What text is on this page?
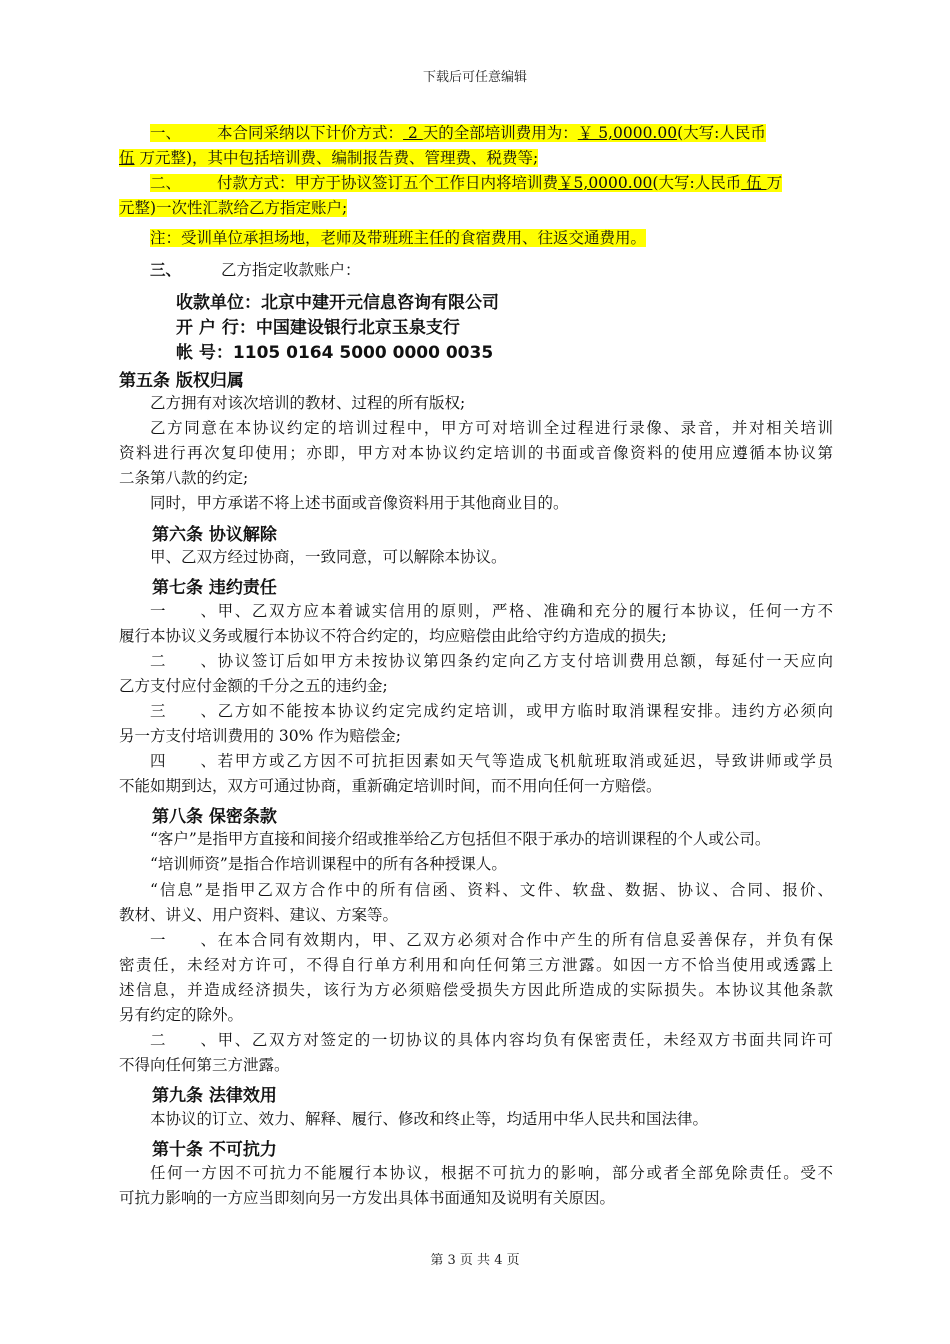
下载后可任意编辑
一、 本合同采纳以下计价方式： 2 天的全部培训费用为：￥ 5,0000.00(大写:人民币
伍 万元整)，其中包括培训费、编制报告费、管理费、税费等;
二、 付款方式：甲方于协议签订五个工作日内将培训费￥5,0000.00(大写:人民币 伍 万
元整)一次性汇款给乙方指定账户;
注：受训单位承担场地，老师及带班班主任的食宿费用、往返交通费用。
三、	乙方指定收款账户：
收款单位：北京中建开元信息咨询有限公司
开 户 行：中国建设银行北京玉泉支行
帐 号：1105 0164 5000 0000 0035
第五条 版权归属
乙方拥有对该次培训的教材、过程的所有版权;
乙方同意在本协议约定的培训过程中，甲方可对培训全过程进行录像、录音，并对相关培训
资料进行再次复印使用；亦即，甲方对本协议约定培训的书面或音像资料的使用应遵循本协议第
二条第八款的约定;
同时，甲方承诺不将上述书面或音像资料用于其他商业目的。
第六条 协议解除
甲、乙双方经过协商，一致同意，可以解除本协议。
第七条 违约责任
一、甲、乙双方应本着诚实信用的原则，严格、准确和充分的履行本协议，任何一方不
履行本协议义务或履行本协议不符合约定的，均应赔偿由此给守约方造成的损失;
二、协议签订后如甲方未按协议第四条约定向乙方支付培训费用总额，每延付一天应向
乙方支付应付金额的千分之五的违约金;
三、乙方如不能按本协议约定完成约定培训，或甲方临时取消课程安排。违约方必须向
另一方支付培训费用的 30% 作为赔偿金;
四、若甲方或乙方因不可抗拒因素如天气等造成飞机航班取消或延迟，导致讲师或学员
不能如期到达，双方可通过协商，重新确定培训时间，而不用向任何一方赔偿。
第八条 保密条款
“客户”是指甲方直接和间接介绍或推举给乙方包括但不限于承办的培训课程的个人或公司。
“培训师资”是指合作培训课程中的所有各种授课人。
“信息”是指甲乙双方合作中的所有信函、资料、文件、软盘、数据、协议、合同、报价、
教材、讲义、用户资料、建议、方案等。
一、在本合同有效期内，甲、乙双方必须对合作中产生的所有信息妥善保存，并负有保
密责任，未经对方许可，不得自行单方利用和向任何第三方泄露。如因一方不恰当使用或透露上
述信息，并造成经济损失，该行为方必须赔偿受损失方因此所造成的实际损失。本协议其他条款
另有约定的除外。
二、甲、乙双方对签定的一切协议的具体内容均负有保密责任，未经双方书面共同许可
不得向任何第三方泄露。
第九条 法律效用
本协议的订立、效力、解释、履行、修改和终止等，均适用中华人民共和国法律。
第十条 不可抗力
任何一方因不可抗力不能履行本协议，根据不可抗力的影响，部分或者全部免除责任。受不
可抗力影响的一方应当即刻向另一方发出具体书面通知及说明有关原因。
第 3 页 共 4 页
